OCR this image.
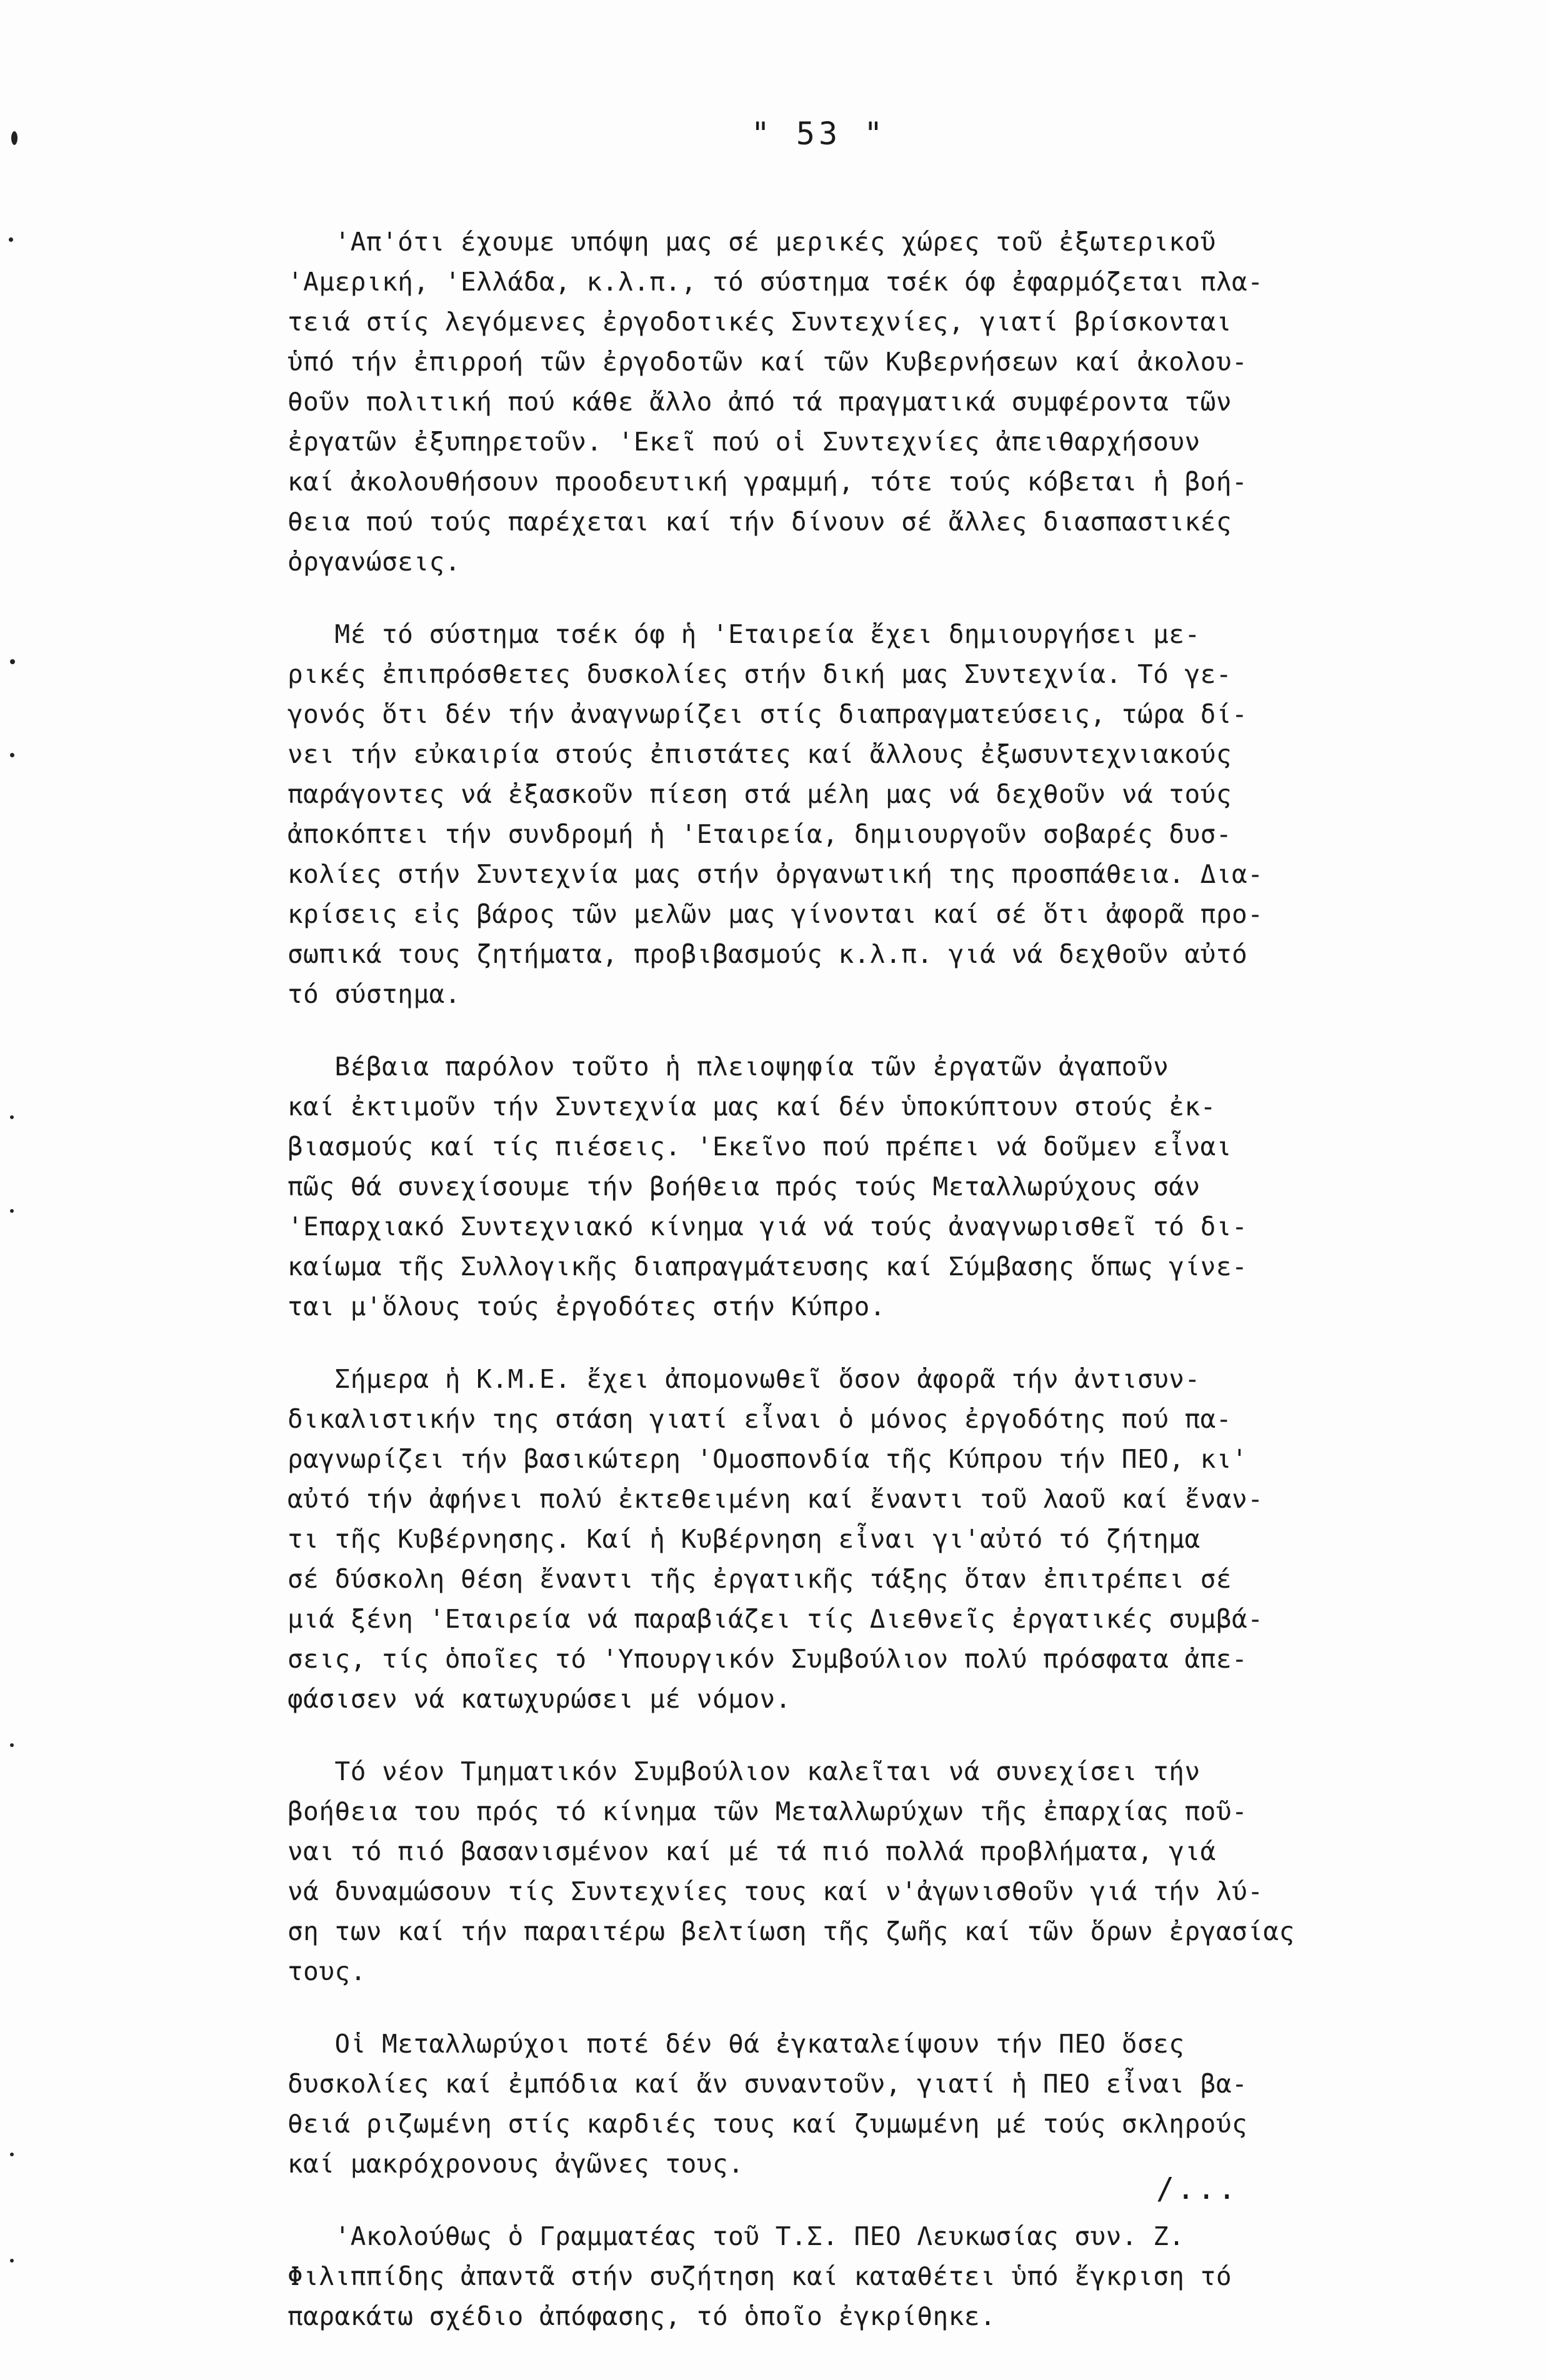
" 53 "
'Απ'ότι έχουμε υπόψη μας σέ μερικές χώρες τοῦ ἐξωτερικοῦ
'Αμερική, 'Ελλάδα, κ.λ.π., τό σύστημα τσέκ όφ ἐφαρμόζεται πλα-
τειά στίς λεγόμενες ἐργοδοτικές Συντεχνίες, γιατί βρίσκονται
ὑπό τήν ἐπιρροή τῶν ἐργοδοτῶν καί τῶν Κυβερνήσεων καί ἀκολου-
θοῦν πολιτική πού κάθε ἄλλο ἀπό τά πραγματικά συμφέροντα τῶν
ἐργατῶν ἐξυπηρετοῦν. 'Εκεῖ πού οἱ Συντεχνίες ἀπειθαρχήσουν
καί ἀκολουθήσουν προοδευτική γραμμή, τότε τούς κόβεται ἡ βοή-
θεια πού τούς παρέχεται καί τήν δίνουν σέ ἄλλες διασπαστικές
ὀργανώσεις.
Μέ τό σύστημα τσέκ όφ ἡ 'Εταιρεία ἔχει δημιουργήσει με-
ρικές ἐπιπρόσθετες δυσκολίες στήν δική μας Συντεχνία. Τό γε-
γονός ὅτι δέν τήν ἀναγνωρίζει στίς διαπραγματεύσεις, τώρα δί-
νει τήν εὐκαιρία στούς ἐπιστάτες καί ἄλλους ἐξωσυντεχνιακούς
παράγοντες νά ἐξασκοῦν πίεση στά μέλη μας νά δεχθοῦν νά τούς
ἀποκόπτει τήν συνδρομή ἡ 'Εταιρεία, δημιουργοῦν σοβαρές δυσ-
κολίες στήν Συντεχνία μας στήν ὀργανωτική της προσπάθεια. Δια-
κρίσεις εἰς βάρος τῶν μελῶν μας γίνονται καί σέ ὅτι ἀφορᾶ προ-
σωπικά τους ζητήματα, προβιβασμούς κ.λ.π. γιά νά δεχθοῦν αὐτό
τό σύστημα.
Βέβαια παρόλον τοῦτο ἡ πλειοψηφία τῶν ἐργατῶν ἀγαποῦν
καί ἐκτιμοῦν τήν Συντεχνία μας καί δέν ὑποκύπτουν στούς ἐκ-
βιασμούς καί τίς πιέσεις. 'Εκεῖνο πού πρέπει νά δοῦμεν εἶναι
πῶς θά συνεχίσουμε τήν βοήθεια πρός τούς Μεταλλωρύχους σάν
'Επαρχιακό Συντεχνιακό κίνημα γιά νά τούς ἀναγνωρισθεῖ τό δι-
καίωμα τῆς Συλλογικῆς διαπραγμάτευσης καί Σύμβασης ὅπως γίνε-
ται μ'ὅλους τούς ἐργοδότες στήν Κύπρο.
Σήμερα ἡ Κ.Μ.Ε. ἔχει ἀπομονωθεῖ ὅσον ἀφορᾶ τήν ἀντισυν-
δικαλιστικήν της στάση γιατί εἶναι ὁ μόνος ἐργοδότης πού πα-
ραγνωρίζει τήν βασικώτερη 'Ομοσπονδία τῆς Κύπρου τήν ΠΕΟ, κι'
αὐτό τήν ἀφήνει πολύ ἐκτεθειμένη καί ἔναντι τοῦ λαοῦ καί ἔναν-
τι τῆς Κυβέρνησης. Καί ἡ Κυβέρνηση εἶναι γι'αὐτό τό ζήτημα
σέ δύσκολη θέση ἔναντι τῆς ἐργατικῆς τάξης ὅταν ἐπιτρέπει σέ
μιά ξένη 'Εταιρεία νά παραβιάζει τίς Διεθνεῖς ἐργατικές συμβά-
σεις, τίς ὁποῖες τό 'Υπουργικόν Συμβούλιον πολύ πρόσφατα ἀπε-
φάσισεν νά κατωχυρώσει μέ νόμον.
Τό νέον Τμηματικόν Συμβούλιον καλεῖται νά συνεχίσει τήν
βοήθεια του πρός τό κίνημα τῶν Μεταλλωρύχων τῆς ἐπαρχίας ποῦ-
ναι τό πιό βασανισμένον καί μέ τά πιό πολλά προβλήματα, γιά
νά δυναμώσουν τίς Συντεχνίες τους καί ν'ἀγωνισθοῦν γιά τήν λύ-
ση των καί τήν παραιτέρω βελτίωση τῆς ζωῆς καί τῶν ὅρων ἐργασίας
τους.
Οἱ Μεταλλωρύχοι ποτέ δέν θά ἐγκαταλείψουν τήν ΠΕΟ ὅσες
δυσκολίες καί ἐμπόδια καί ἄν συναντοῦν, γιατί ἡ ΠΕΟ εἶναι βα-
θειά ριζωμένη στίς καρδιές τους καί ζυμωμένη μέ τούς σκληρούς
καί μακρόχρονους ἀγῶνες τους.
'Ακολούθως ὁ Γραμματέας τοῦ Τ.Σ. ΠΕΟ Λευκωσίας συν. Ζ.
Φιλιππίδης ἀπαντᾶ στήν συζήτηση καί καταθέτει ὑπό ἔγκριση τό
παρακάτω σχέδιο ἀπόφασης, τό ὁποῖο ἐγκρίθηκε.
/...
